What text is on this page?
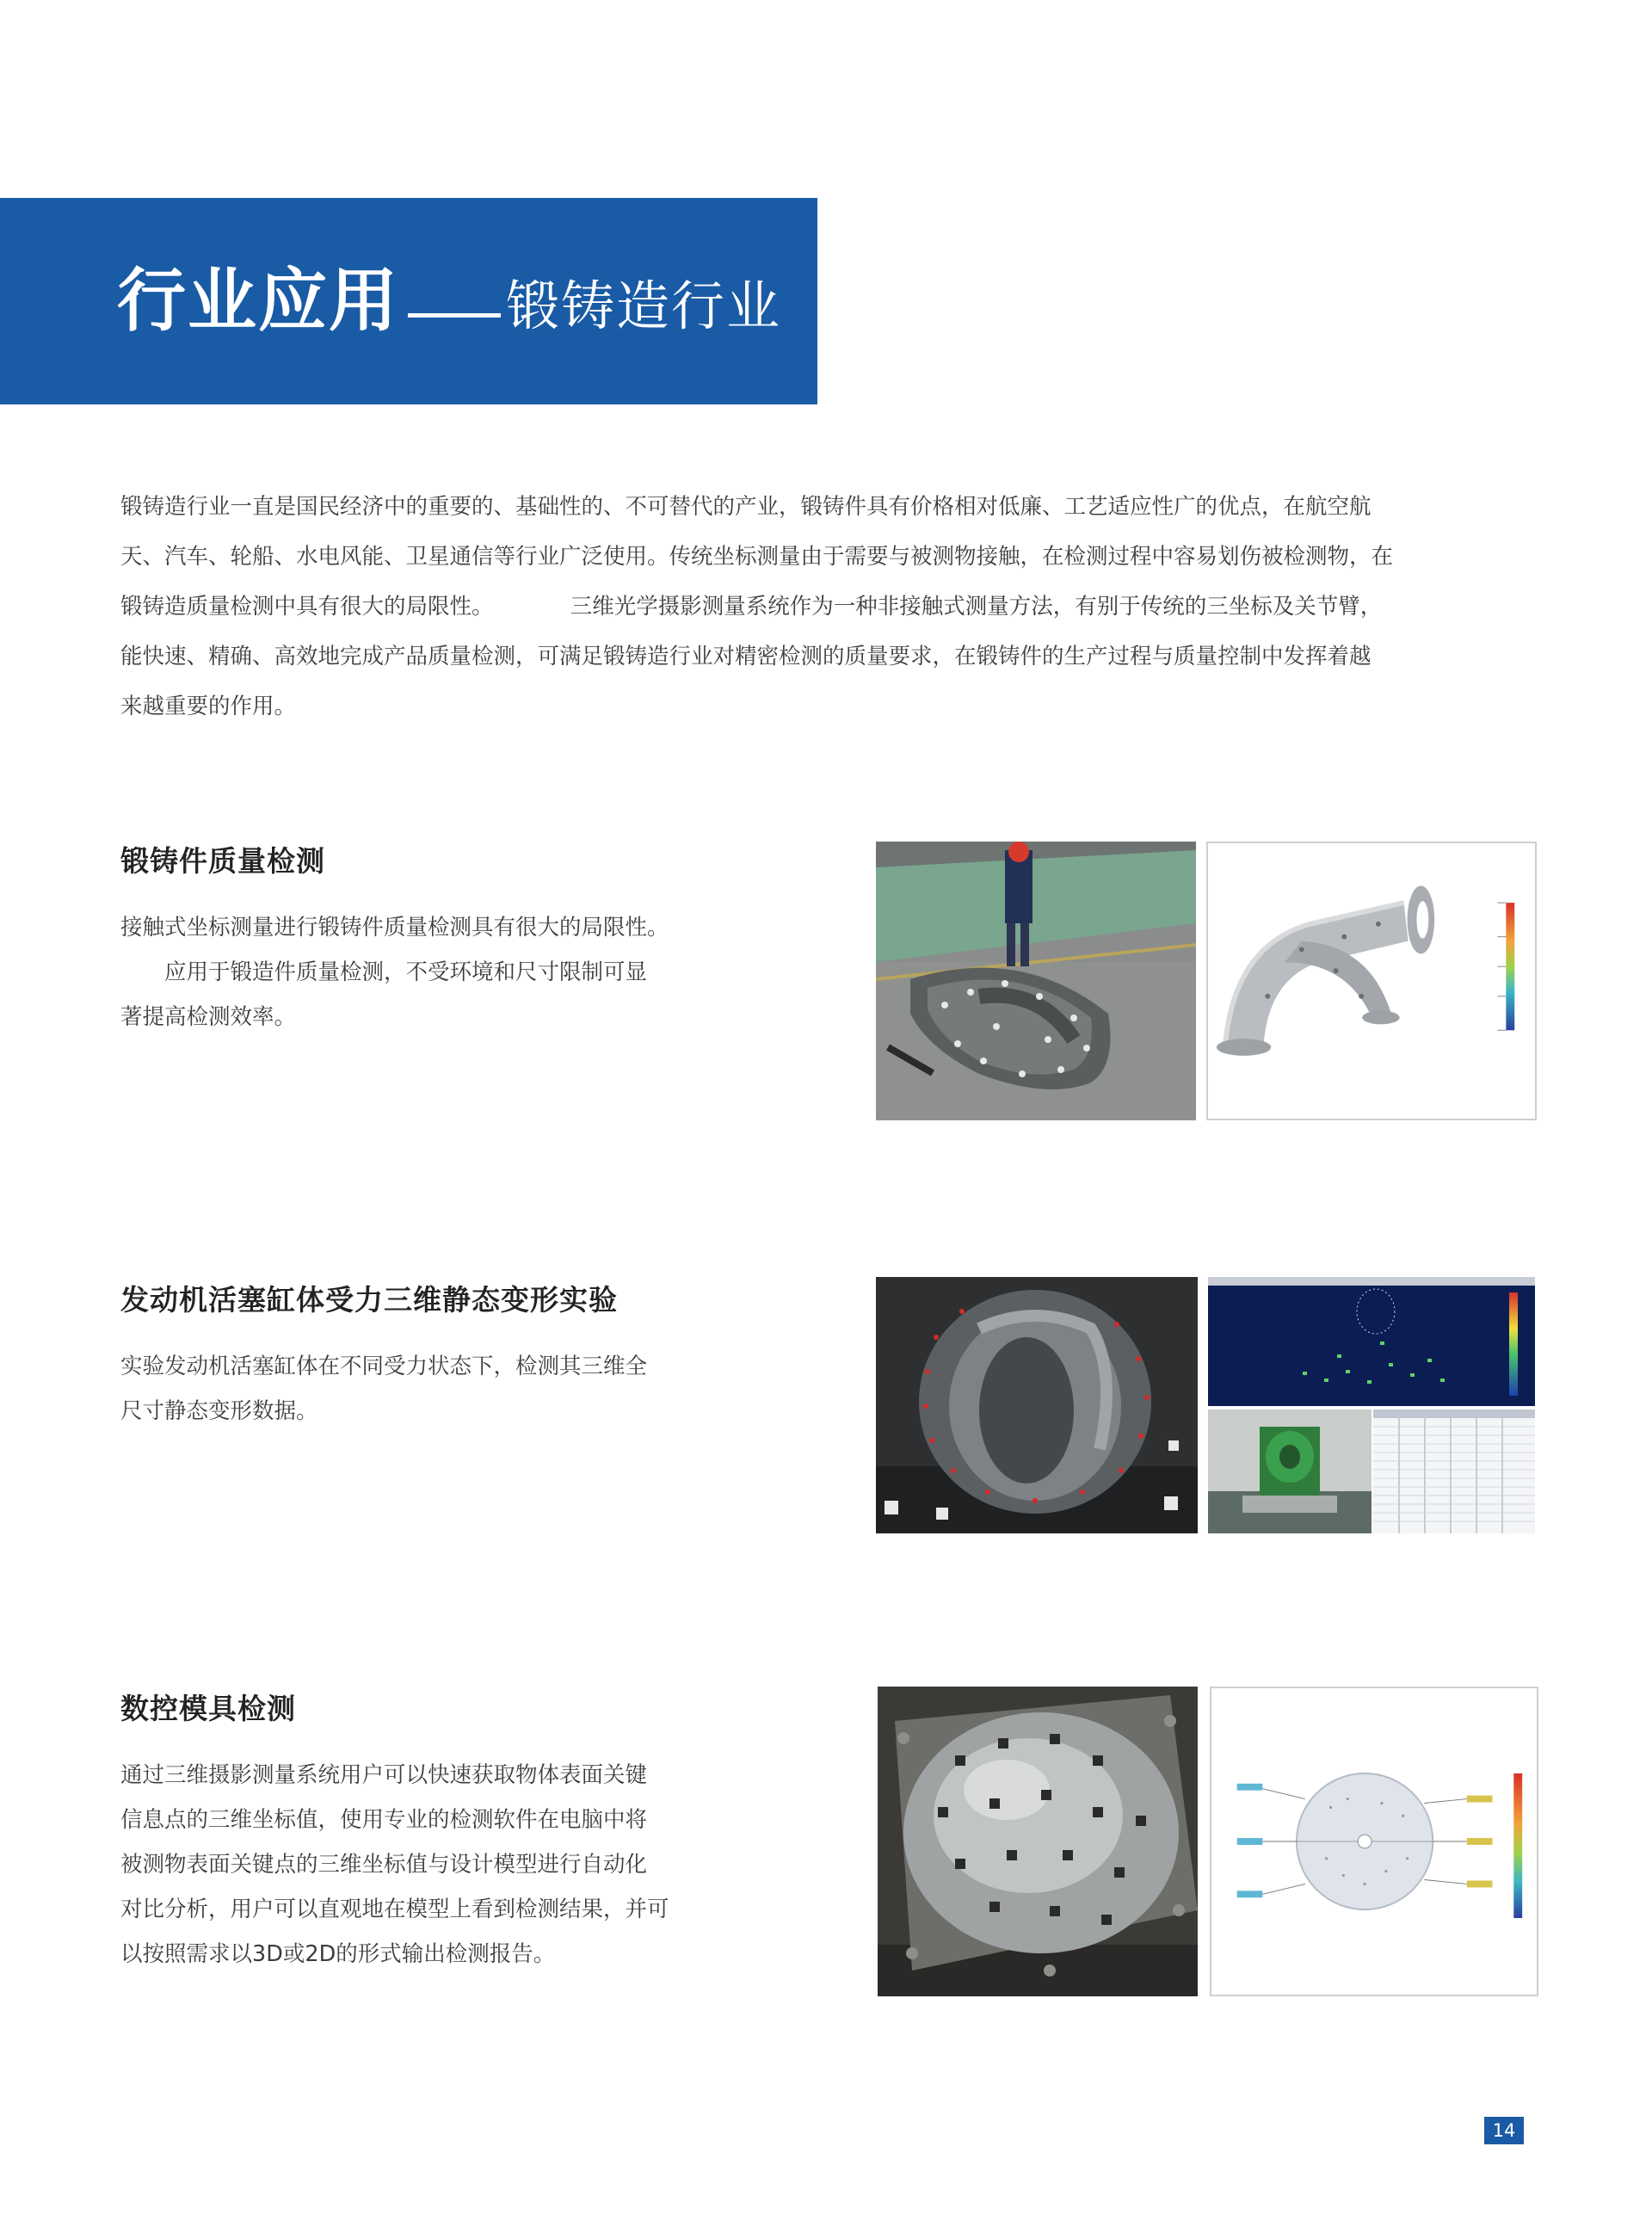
行业应用 锻铸造行业

锻铸造行业一直是国民经济中的重要的、基础性的、不可替代的产业，锻铸件具有价格相对低廉、工艺适应性广的优点，在航空航

天、汽车、轮船、水电风能、卫星通信等行业广泛使用。传统坐标测量由于需要与被测物接触，在检测过程中容易划伤被检测物，在

锻铸造质量检测中具有很大的局限性。　　　　三维光学摄影测量系统作为一种非接触式测量方法，有别于传统的三坐标及关节臂，

能快速、精确、高效地完成产品质量检测，可满足锻铸造行业对精密检测的质量要求，在锻铸件的生产过程与质量控制中发挥着越

来越重要的作用。

锻铸件质量检测
接触式坐标测量进行锻铸件质量检测具有很大的局限性。
　　应用于锻造件质量检测，不受环境和尺寸限制可显
著提高检测效率。
发动机活塞缸体受力三维静态变形实验
实验发动机活塞缸体在不同受力状态下，检测其三维全
尺寸静态变形数据。
数控模具检测
通过三维摄影测量系统用户可以快速获取物体表面关键
信息点的三维坐标值，使用专业的检测软件在电脑中将
被测物表面关键点的三维坐标值与设计模型进行自动化
对比分析，用户可以直观地在模型上看到检测结果，并可
以按照需求以3D或2D的形式输出检测报告。
14
